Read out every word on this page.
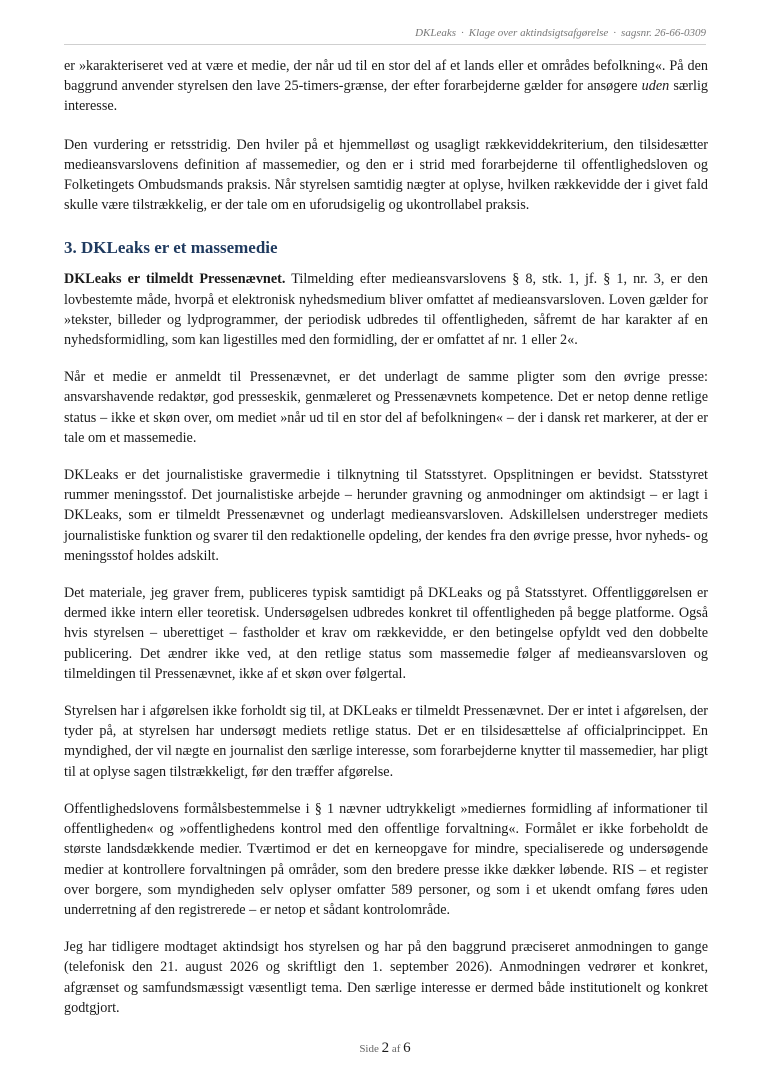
DKLeaks · Klage over aktindsigtsafgørelse · sagsnr. 26-66-0309

er »karakteriseret ved at være et medie, der når ud til en stor del af et lands eller et områdes befolkning«. På den baggrund anvender styrelsen den lave 25-timers-grænse, der efter forarbejderne gælder for ansøgere uden særlig interesse.

Den vurdering er retsstridig. Den hviler på et hjemmelløst og usagligt rækkeviddekriterium, den tilsidesætter medieansvarslovens definition af massemedier, og den er i strid med forarbejderne til offentlighedsloven og Folketingets Ombudsmands praksis. Når styrelsen samtidig nægter at oplyse, hvilken rækkevidde der i givet fald skulle være tilstrækkelig, er der tale om en uforudsigelig og ukontrollabel praksis.

3. DKLeaks er et massemedie

DKLeaks er tilmeldt Pressenævnet. Tilmelding efter medieansvarslovens § 8, stk. 1, jf. § 1, nr. 3, er den lovbestemte måde, hvorpå et elektronisk nyhedsmedium bliver omfattet af medieansvarsloven. Loven gælder for »tekster, billeder og lydprogrammer, der periodisk udbredes til offentligheden, såfremt de har karakter af en nyhedsformidling, som kan ligestilles med den formidling, der er omfattet af nr. 1 eller 2«.

Når et medie er anmeldt til Pressenævnet, er det underlagt de samme pligter som den øvrige presse: ansvarshavende redaktør, god presseskik, genmæleret og Pressenævnets kompetence. Det er netop denne retlige status – ikke et skøn over, om mediet »når ud til en stor del af befolkningen« – der i dansk ret markerer, at der er tale om et massemedie.

DKLeaks er det journalistiske gravermedie i tilknytning til Statsstyret. Opsplitningen er bevidst. Statsstyret rummer meningsstof. Det journalistiske arbejde – herunder gravning og anmodninger om aktindsigt – er lagt i DKLeaks, som er tilmeldt Pressenævnet og underlagt medieansvarsloven. Adskillelsen understreger mediets journalistiske funktion og svarer til den redaktionelle opdeling, der kendes fra den øvrige presse, hvor nyheds- og meningsstof holdes adskilt.

Det materiale, jeg graver frem, publiceres typisk samtidigt på DKLeaks og på Statsstyret. Offentliggørelsen er dermed ikke intern eller teoretisk. Undersøgelsen udbredes konkret til offentligheden på begge platforme. Også hvis styrelsen – uberettiget – fastholder et krav om rækkevidde, er den betingelse opfyldt ved den dobbelte publicering. Det ændrer ikke ved, at den retlige status som massemedie følger af medieansvarsloven og tilmeldingen til Pressenævnet, ikke af et skøn over følgertal.

Styrelsen har i afgørelsen ikke forholdt sig til, at DKLeaks er tilmeldt Pressenævnet. Der er intet i afgørelsen, der tyder på, at styrelsen har undersøgt mediets retlige status. Det er en tilsidesættelse af officialprincippet. En myndighed, der vil nægte en journalist den særlige interesse, som forarbejderne knytter til massemedier, har pligt til at oplyse sagen tilstrækkeligt, før den træffer afgørelse.

Offentlighedslovens formålsbestemmelse i § 1 nævner udtrykkeligt »mediernes formidling af informationer til offentligheden« og »offentlighedens kontrol med den offentlige forvaltning«. Formålet er ikke forbeholdt de største landsdækkende medier. Tværtimod er det en kerneopgave for mindre, specialiserede og undersøgende medier at kontrollere forvaltningen på områder, som den bredere presse ikke dækker løbende. RIS – et register over borgere, som myndigheden selv oplyser omfatter 589 personer, og som i et ukendt omfang føres uden underretning af den registrerede – er netop et sådant kontrolområde.

Jeg har tidligere modtaget aktindsigt hos styrelsen og har på den baggrund præciseret anmodningen to gange (telefonisk den 21. august 2026 og skriftligt den 1. september 2026). Anmodningen vedrører et konkret, afgrænset og samfundsmæssigt væsentligt tema. Den særlige interesse er dermed både institutionelt og konkret godtgjort.

Side 2 af 6
